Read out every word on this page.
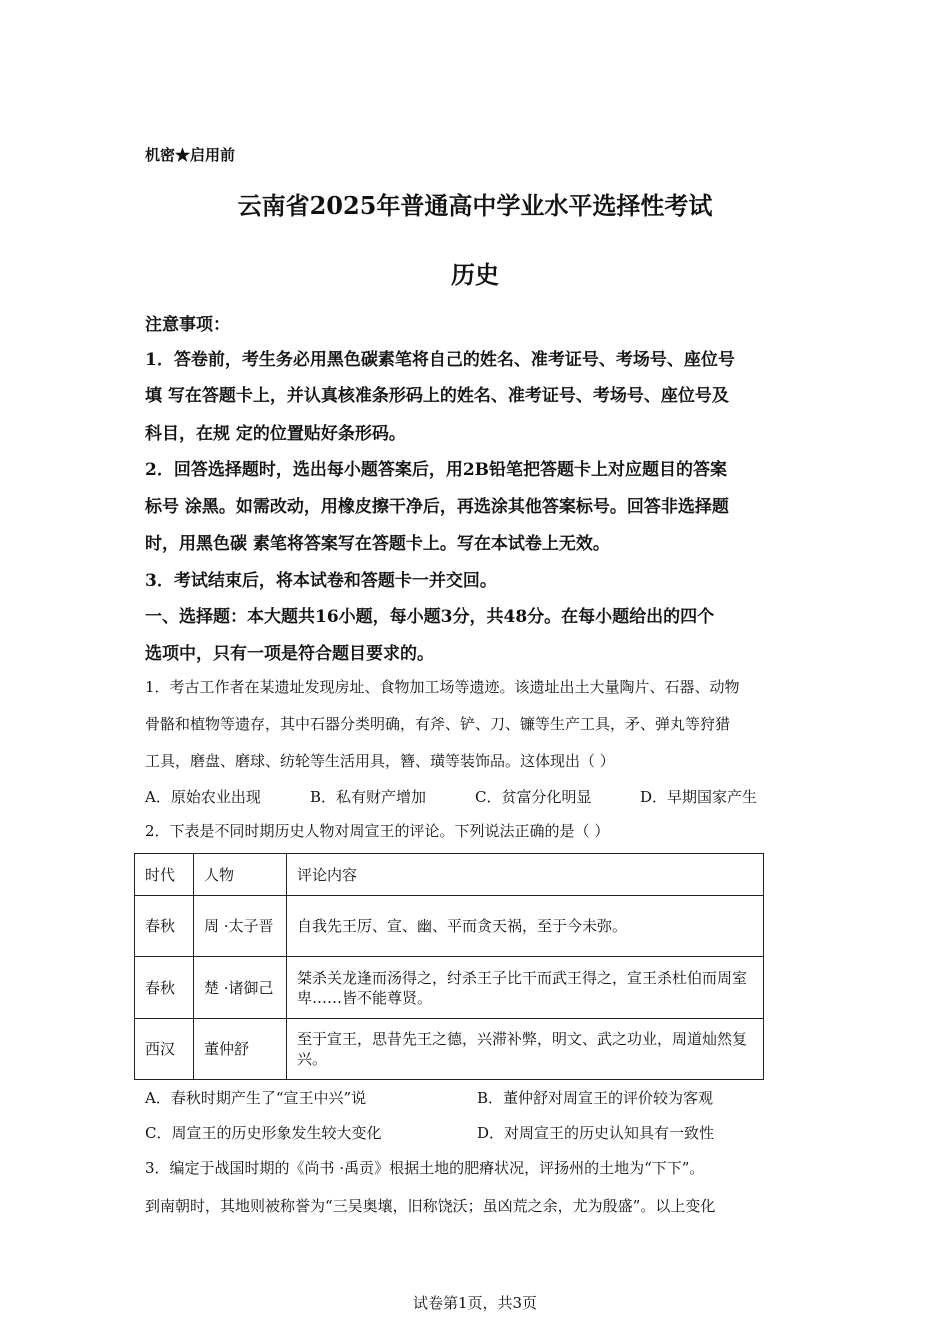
机密★启用前
云南省2025年普通高中学业水平选择性考试
历史
注意事项：
1．答卷前，考生务必用黑色碳素笔将自己的姓名、准考证号、考场号、座位号
填 写在答题卡上，并认真核准条形码上的姓名、准考证号、考场号、座位号及
科目，在规 定的位置贴好条形码。
2．回答选择题时，选出每小题答案后，用2B铅笔把答题卡上对应题目的答案
标号 涂黑。如需改动，用橡皮擦干净后，再选涂其他答案标号。回答非选择题
时，用黑色碳 素笔将答案写在答题卡上。写在本试卷上无效。
3．考试结束后，将本试卷和答题卡一并交回。
一、选择题：本大题共16小题，每小题3分，共48分。在每小题给出的四个
选项中，只有一项是符合题目要求的。
1．考古工作者在某遗址发现房址、食物加工场等遗迹。该遗址出土大量陶片、石器、动物
骨骼和植物等遗存，其中石器分类明确，有斧、铲、刀、镰等生产工具，矛、弹丸等狩猎
工具，磨盘、磨球、纺轮等生活用具，簪、璜等装饰品。这体现出（ ）
A．原始农业出现	B．私有财产增加	C．贫富分化明显	D．早期国家产生
2．下表是不同时期历史人物对周宣王的评论。下列说法正确的是（ ）
时代	人物	评论内容
春秋	周 ·太子晋	自我先王厉、宣、幽、平而贪天祸，至于今未弥。
春秋	楚 ·诸御己	桀杀关龙逢而汤得之，纣杀王子比干而武王得之，宣王杀杜伯而周室卑……皆不能尊贤。
西汉	董仲舒	至于宣王，思昔先王之德，兴滞补弊，明文、武之功业，周道灿然复兴。
A．春秋时期产生了“宣王中兴”说	B．董仲舒对周宣王的评价较为客观
C．周宣王的历史形象发生较大变化	D．对周宣王的历史认知具有一致性
3．编定于战国时期的《尚书 ·禹贡》根据土地的肥瘠状况，评扬州的土地为“下下”。
到南朝时，其地则被称誉为“三吴奥壤，旧称饶沃；虽凶荒之余，尤为殷盛”。以上变化
试卷第1页，共3页
